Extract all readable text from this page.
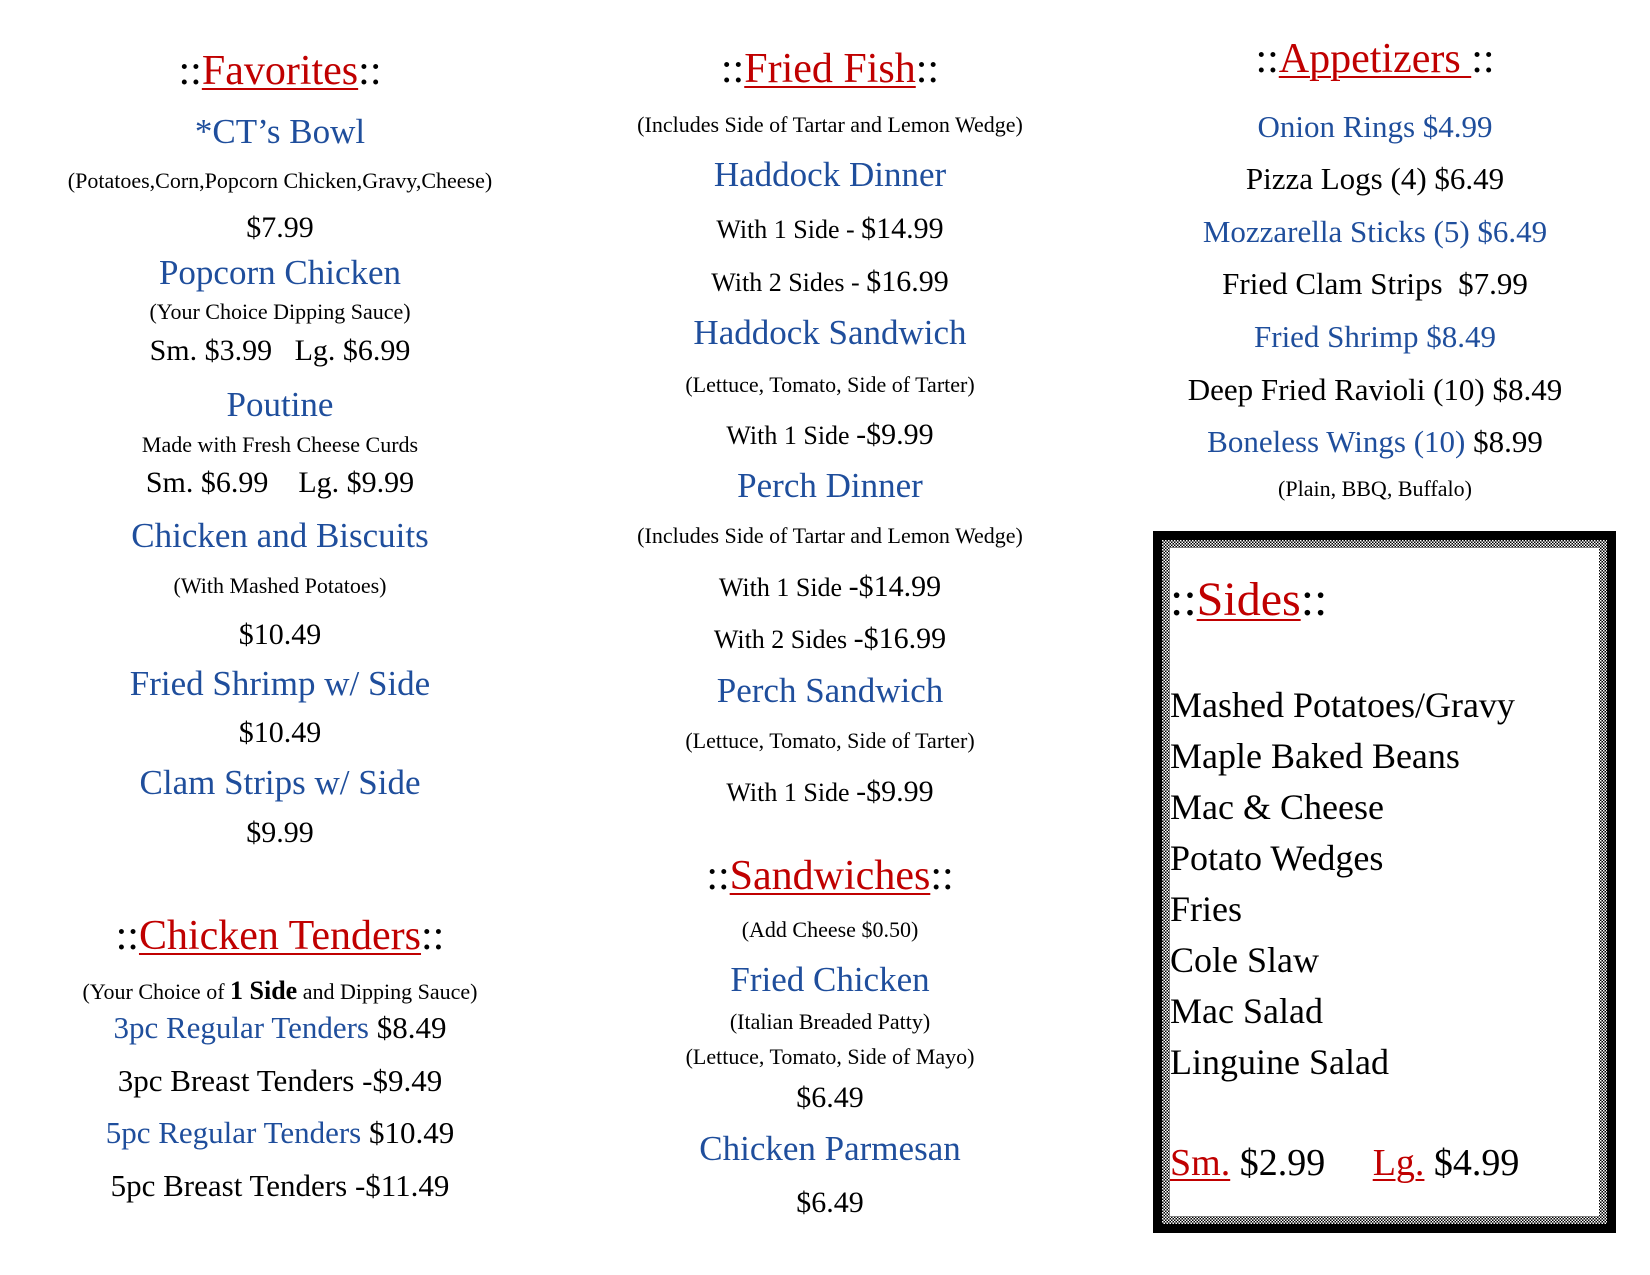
::Favorites::
*CT’s Bowl
(Potatoes,Corn,Popcorn Chicken,Gravy,Cheese)
$7.99
Popcorn Chicken
(Your Choice Dipping Sauce)
Sm. $3.99   Lg. $6.99
Poutine
Made with Fresh Cheese Curds
Sm. $6.99    Lg. $9.99
Chicken and Biscuits
(With Mashed Potatoes)
$10.49
Fried Shrimp w/ Side
$10.49
Clam Strips w/ Side
$9.99
::Chicken Tenders::
(Your Choice of 1 Side and Dipping Sauce)
3pc Regular Tenders $8.49
3pc Breast Tenders -$9.49
5pc Regular Tenders $10.49
5pc Breast Tenders -$11.49
::Fried Fish::
(Includes Side of Tartar and Lemon Wedge)
Haddock Dinner
With 1 Side - $14.99
With 2 Sides - $16.99
Haddock Sandwich
(Lettuce, Tomato, Side of Tarter)
With 1 Side -$9.99
Perch Dinner
(Includes Side of Tartar and Lemon Wedge)
With 1 Side -$14.99
With 2 Sides -$16.99
Perch Sandwich
(Lettuce, Tomato, Side of Tarter)
With 1 Side -$9.99
::Sandwiches::
(Add Cheese $0.50)
Fried Chicken
(Italian Breaded Patty)
(Lettuce, Tomato, Side of Mayo)
$6.49
Chicken Parmesan
$6.49
::Appetizers ::
Onion Rings $4.99
Pizza Logs (4) $6.49
Mozzarella Sticks (5) $6.49
Fried Clam Strips  $7.99
Fried Shrimp $8.49
Deep Fried Ravioli (10) $8.49
Boneless Wings (10) $8.99
(Plain, BBQ, Buffalo)
::Sides::
Mashed Potatoes/Gravy
Maple Baked Beans
Mac & Cheese
Potato Wedges
Fries
Cole Slaw
Mac Salad
Linguine Salad
Sm. $2.99 Lg. $4.99
